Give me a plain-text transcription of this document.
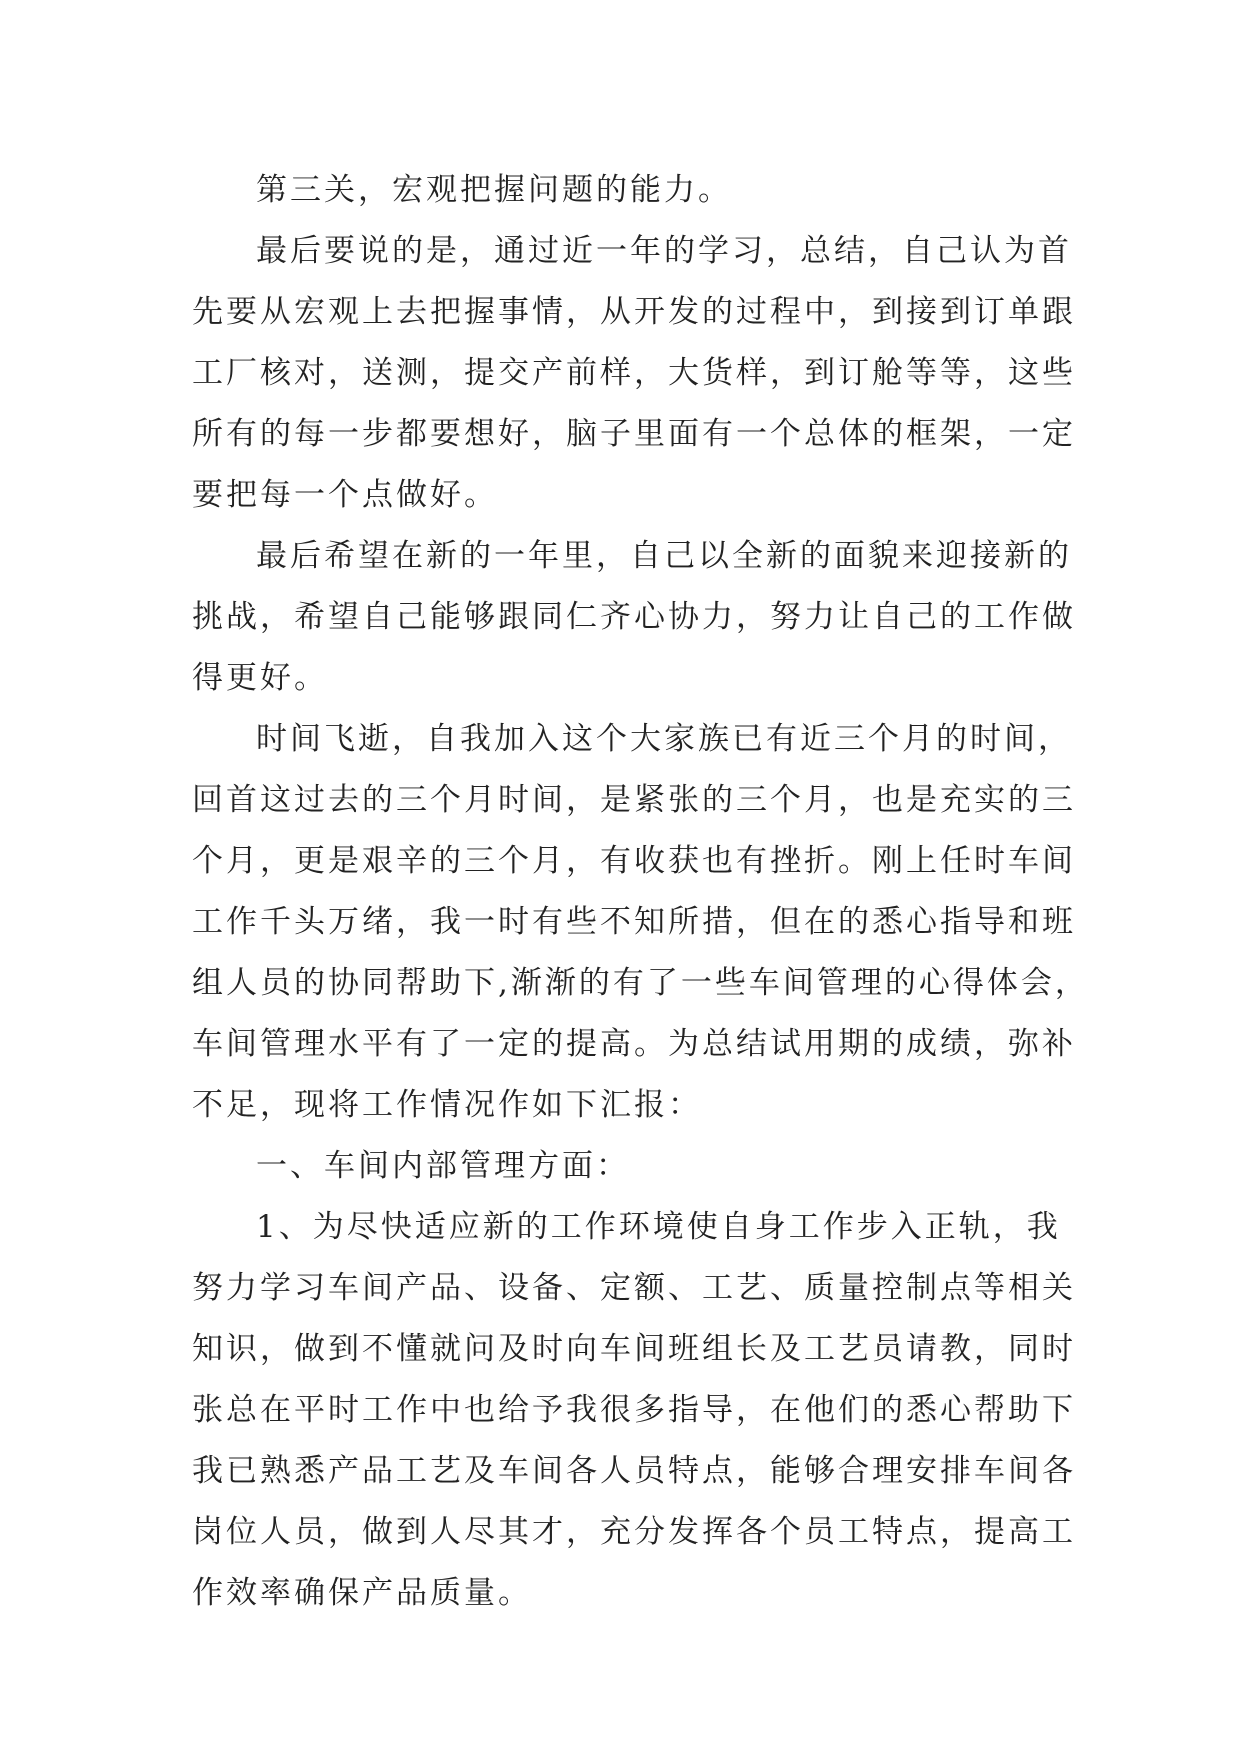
第三关，宏观把握问题的能力。
最后要说的是，通过近一年的学习，总结，自己认为首
先要从宏观上去把握事情，从开发的过程中，到接到订单跟
工厂核对，送测，提交产前样，大货样，到订舱等等，这些
所有的每一步都要想好，脑子里面有一个总体的框架，一定
要把每一个点做好。
最后希望在新的一年里，自己以全新的面貌来迎接新的
挑战，希望自己能够跟同仁齐心协力，努力让自己的工作做
得更好。
时间飞逝，自我加入这个大家族已有近三个月的时间，
回首这过去的三个月时间，是紧张的三个月，也是充实的三
个月，更是艰辛的三个月，有收获也有挫折。刚上任时车间
工作千头万绪，我一时有些不知所措，但在的悉心指导和班
组人员的协同帮助下,渐渐的有了一些车间管理的心得体会，
车间管理水平有了一定的提高。为总结试用期的成绩，弥补
不足，现将工作情况作如下汇报：
一、车间内部管理方面：
1、为尽快适应新的工作环境使自身工作步入正轨，我
努力学习车间产品、设备、定额、工艺、质量控制点等相关
知识，做到不懂就问及时向车间班组长及工艺员请教，同时
张总在平时工作中也给予我很多指导，在他们的悉心帮助下
我已熟悉产品工艺及车间各人员特点，能够合理安排车间各
岗位人员，做到人尽其才，充分发挥各个员工特点，提高工
作效率确保产品质量。
